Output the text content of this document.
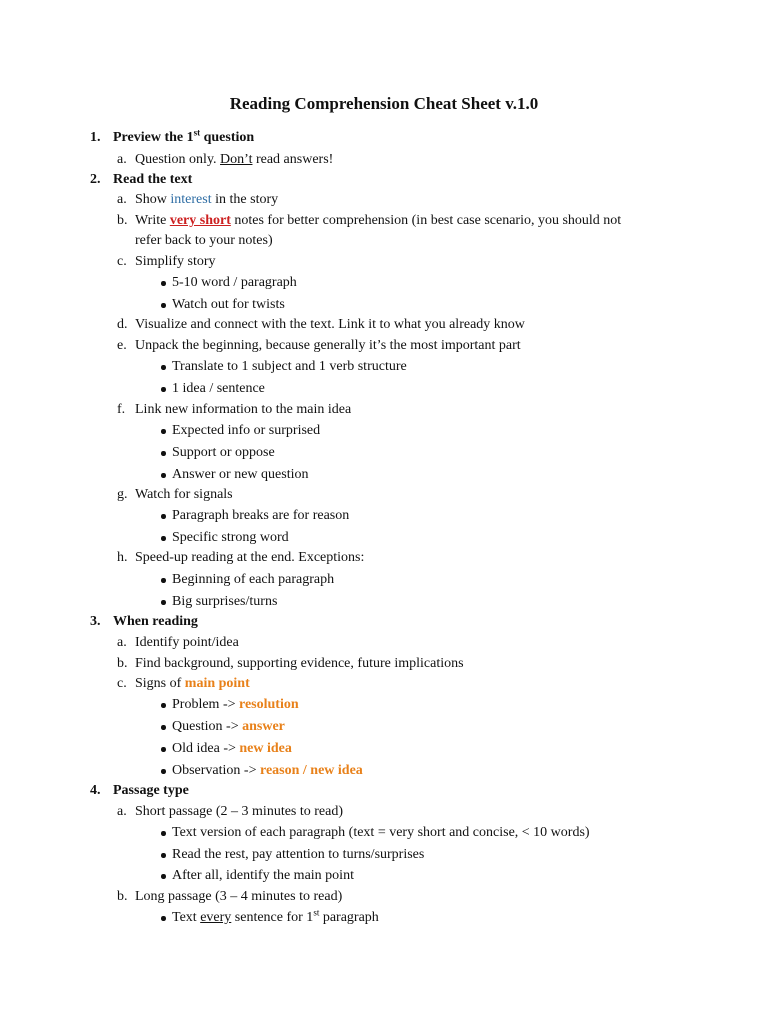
Reading Comprehension Cheat Sheet v.1.0
1. Preview the 1st question
a. Question only. Don’t read answers!
2. Read the text
a. Show interest in the story
b. Write very short notes for better comprehension (in best case scenario, you should not
refer back to your notes)
c. Simplify story
5-10 word / paragraph
Watch out for twists
d. Visualize and connect with the text. Link it to what you already know
e. Unpack the beginning, because generally it’s the most important part
Translate to 1 subject and 1 verb structure
1 idea / sentence
f. Link new information to the main idea
Expected info or surprised
Support or oppose
Answer or new question
g. Watch for signals
Paragraph breaks are for reason
Specific strong word
h. Speed-up reading at the end. Exceptions:
Beginning of each paragraph
Big surprises/turns
3. When reading
a. Identify point/idea
b. Find background, supporting evidence, future implications
c. Signs of main point
Problem -> resolution
Question -> answer
Old idea -> new idea
Observation -> reason / new idea
4. Passage type
a. Short passage (2 – 3 minutes to read)
Text version of each paragraph (text = very short and concise, < 10 words)
Read the rest, pay attention to turns/surprises
After all, identify the main point
b. Long passage (3 – 4 minutes to read)
Text every sentence for 1st paragraph
